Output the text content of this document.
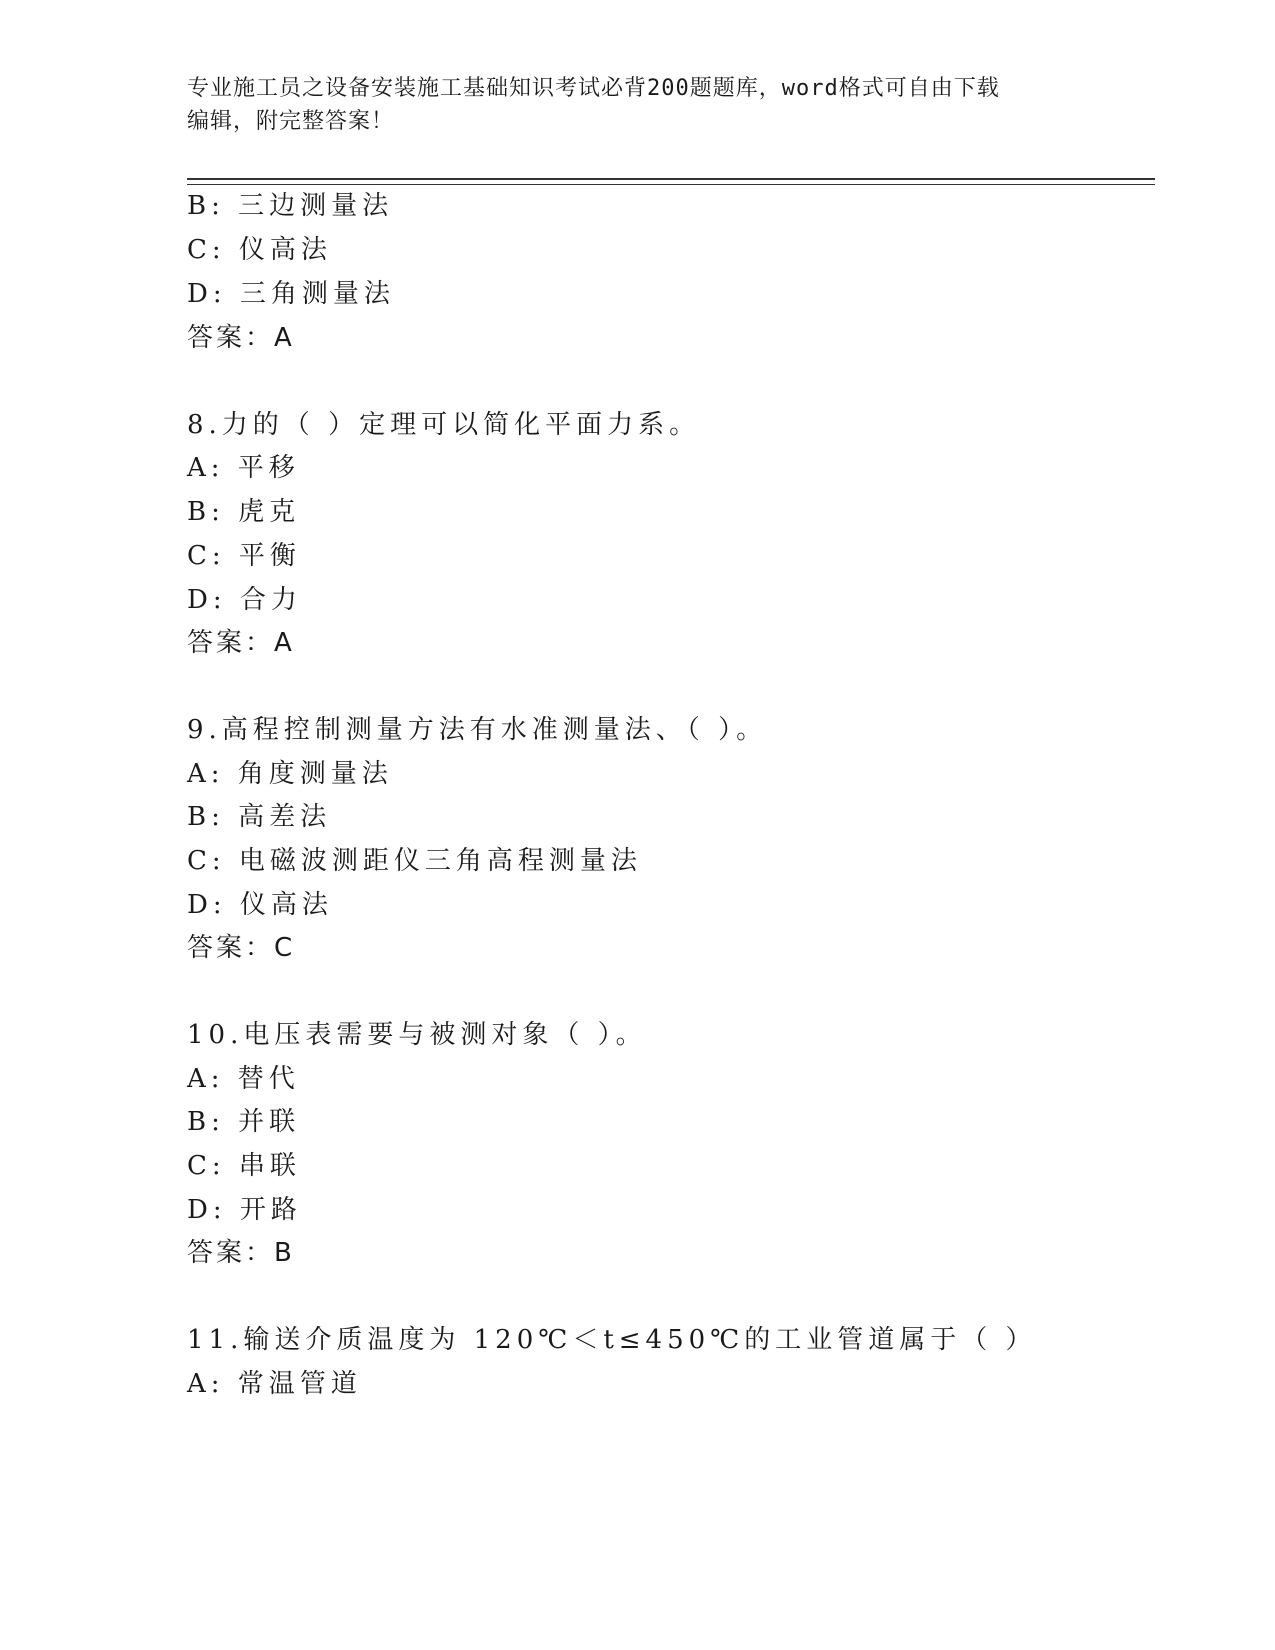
专业施工员之设备安装施工基础知识考试必背200题题库，word格式可自由下载
编辑，附完整答案！
B: 三边测量法
C: 仪高法
D: 三角测量法
答案：A
8.力的（ ）定理可以简化平面力系。
A: 平移
B: 虎克
C: 平衡
D: 合力
答案：A
9.高程控制测量方法有水准测量法、（ ）。
A: 角度测量法
B: 高差法
C: 电磁波测距仪三角高程测量法
D: 仪高法
答案：C
10.电压表需要与被测对象（ ）。
A: 替代
B: 并联
C: 串联
D: 开路
答案：B
11.输送介质温度为 120℃＜t≤450℃的工业管道属于（ ）
A: 常温管道
